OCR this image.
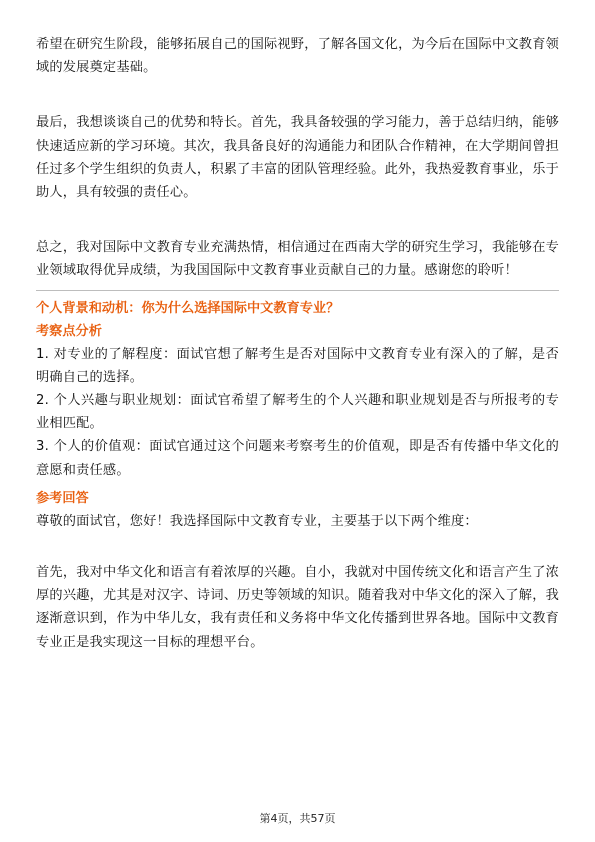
希望在研究生阶段，能够拓展自己的国际视野，了解各国文化，为今后在国际中文教育领域的发展奠定基础。

最后，我想谈谈自己的优势和特长。首先，我具备较强的学习能力，善于总结归纳，能够快速适应新的学习环境。其次，我具备良好的沟通能力和团队合作精神，在大学期间曾担任过多个学生组织的负责人，积累了丰富的团队管理经验。此外，我热爱教育事业，乐于助人，具有较强的责任心。

总之，我对国际中文教育专业充满热情，相信通过在西南大学的研究生学习，我能够在专业领域取得优异成绩，为我国国际中文教育事业贡献自己的力量。感谢您的聆听！

个人背景和动机：你为什么选择国际中文教育专业？

考察点分析

1. 对专业的了解程度：面试官想了解考生是否对国际中文教育专业有深入的了解，是否明确自己的选择。

2. 个人兴趣与职业规划：面试官希望了解考生的个人兴趣和职业规划是否与所报考的专业相匹配。

3. 个人的价值观：面试官通过这个问题来考察考生的价值观，即是否有传播中华文化的意愿和责任感。

参考回答

尊敬的面试官，您好！我选择国际中文教育专业，主要基于以下两个维度：

首先，我对中华文化和语言有着浓厚的兴趣。自小，我就对中国传统文化和语言产生了浓厚的兴趣，尤其是对汉字、诗词、历史等领域的知识。随着我对中华文化的深入了解，我逐渐意识到，作为中华儿女，我有责任和义务将中华文化传播到世界各地。国际中文教育专业正是我实现这一目标的理想平台。

第4页，共57页
